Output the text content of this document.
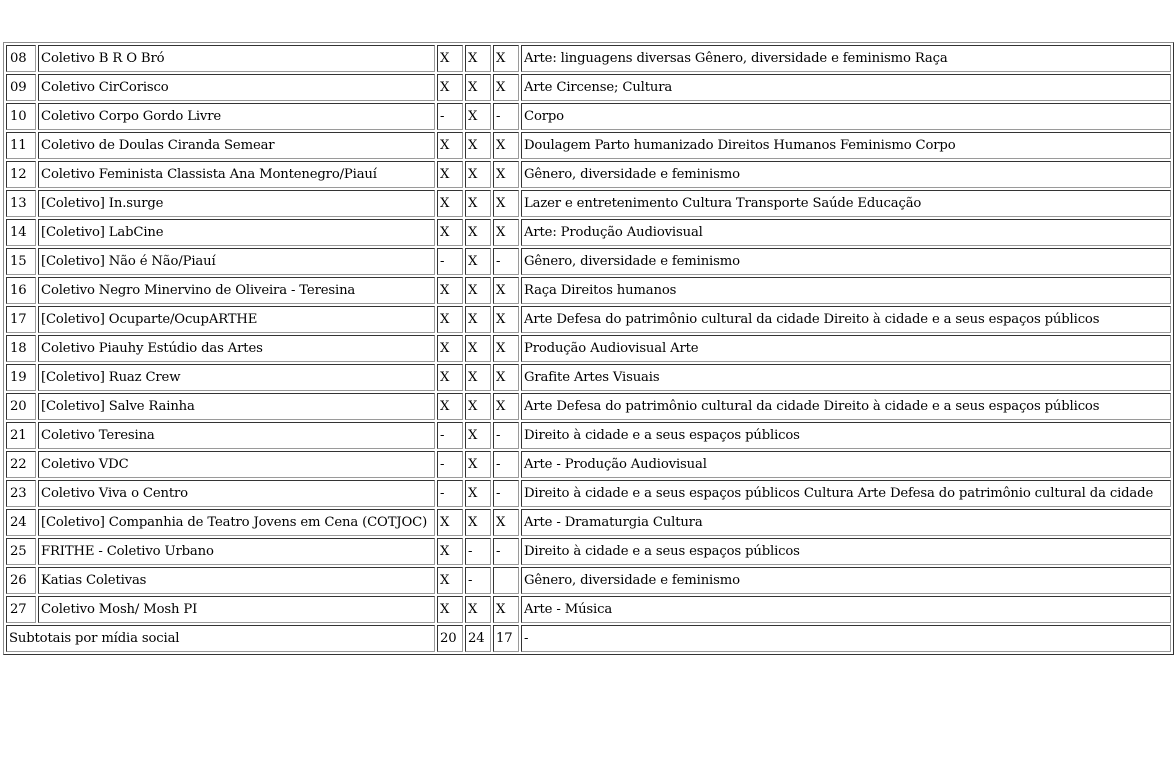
08	Coletivo B R O Bró	X	X	X	Arte: linguagens diversas Gênero, diversidade e feminismo Raça
09	Coletivo CirCorisco	X	X	X	Arte Circense; Cultura
10	Coletivo Corpo Gordo Livre	-	X	-	Corpo
11	Coletivo de Doulas Ciranda Semear	X	X	X	Doulagem Parto humanizado Direitos Humanos Feminismo Corpo
12	Coletivo Feminista Classista Ana Montenegro/Piauí	X	X	X	Gênero, diversidade e feminismo
13	[Coletivo] In.surge	X	X	X	Lazer e entretenimento Cultura Transporte Saúde Educação
14	[Coletivo] LabCine	X	X	X	Arte: Produção Audiovisual
15	[Coletivo] Não é Não/Piauí	-	X	-	Gênero, diversidade e feminismo
16	Coletivo Negro Minervino de Oliveira - Teresina	X	X	X	Raça Direitos humanos
17	[Coletivo] Ocuparte/OcupARTHE	X	X	X	Arte Defesa do patrimônio cultural da cidade Direito à cidade e a seus espaços públicos
18	Coletivo Piauhy Estúdio das Artes	X	X	X	Produção Audiovisual Arte
19	[Coletivo] Ruaz Crew	X	X	X	Grafite Artes Visuais
20	[Coletivo] Salve Rainha	X	X	X	Arte Defesa do patrimônio cultural da cidade Direito à cidade e a seus espaços públicos
21	Coletivo Teresina	-	X	-	Direito à cidade e a seus espaços públicos
22	Coletivo VDC	-	X	-	Arte - Produção Audiovisual
23	Coletivo Viva o Centro	-	X	-	Direito à cidade e a seus espaços públicos Cultura Arte Defesa do patrimônio cultural da cidade
24	[Coletivo] Companhia de Teatro Jovens em Cena (COTJOC)	X	X	X	Arte - Dramaturgia Cultura
25	FRITHE - Coletivo Urbano	X	-	-	Direito à cidade e a seus espaços públicos
26	Katias Coletivas	X	-		Gênero, diversidade e feminismo
27	Coletivo Mosh/ Mosh PI	X	X	X	Arte - Música
Subtotais por mídia social		20	24	17	-
